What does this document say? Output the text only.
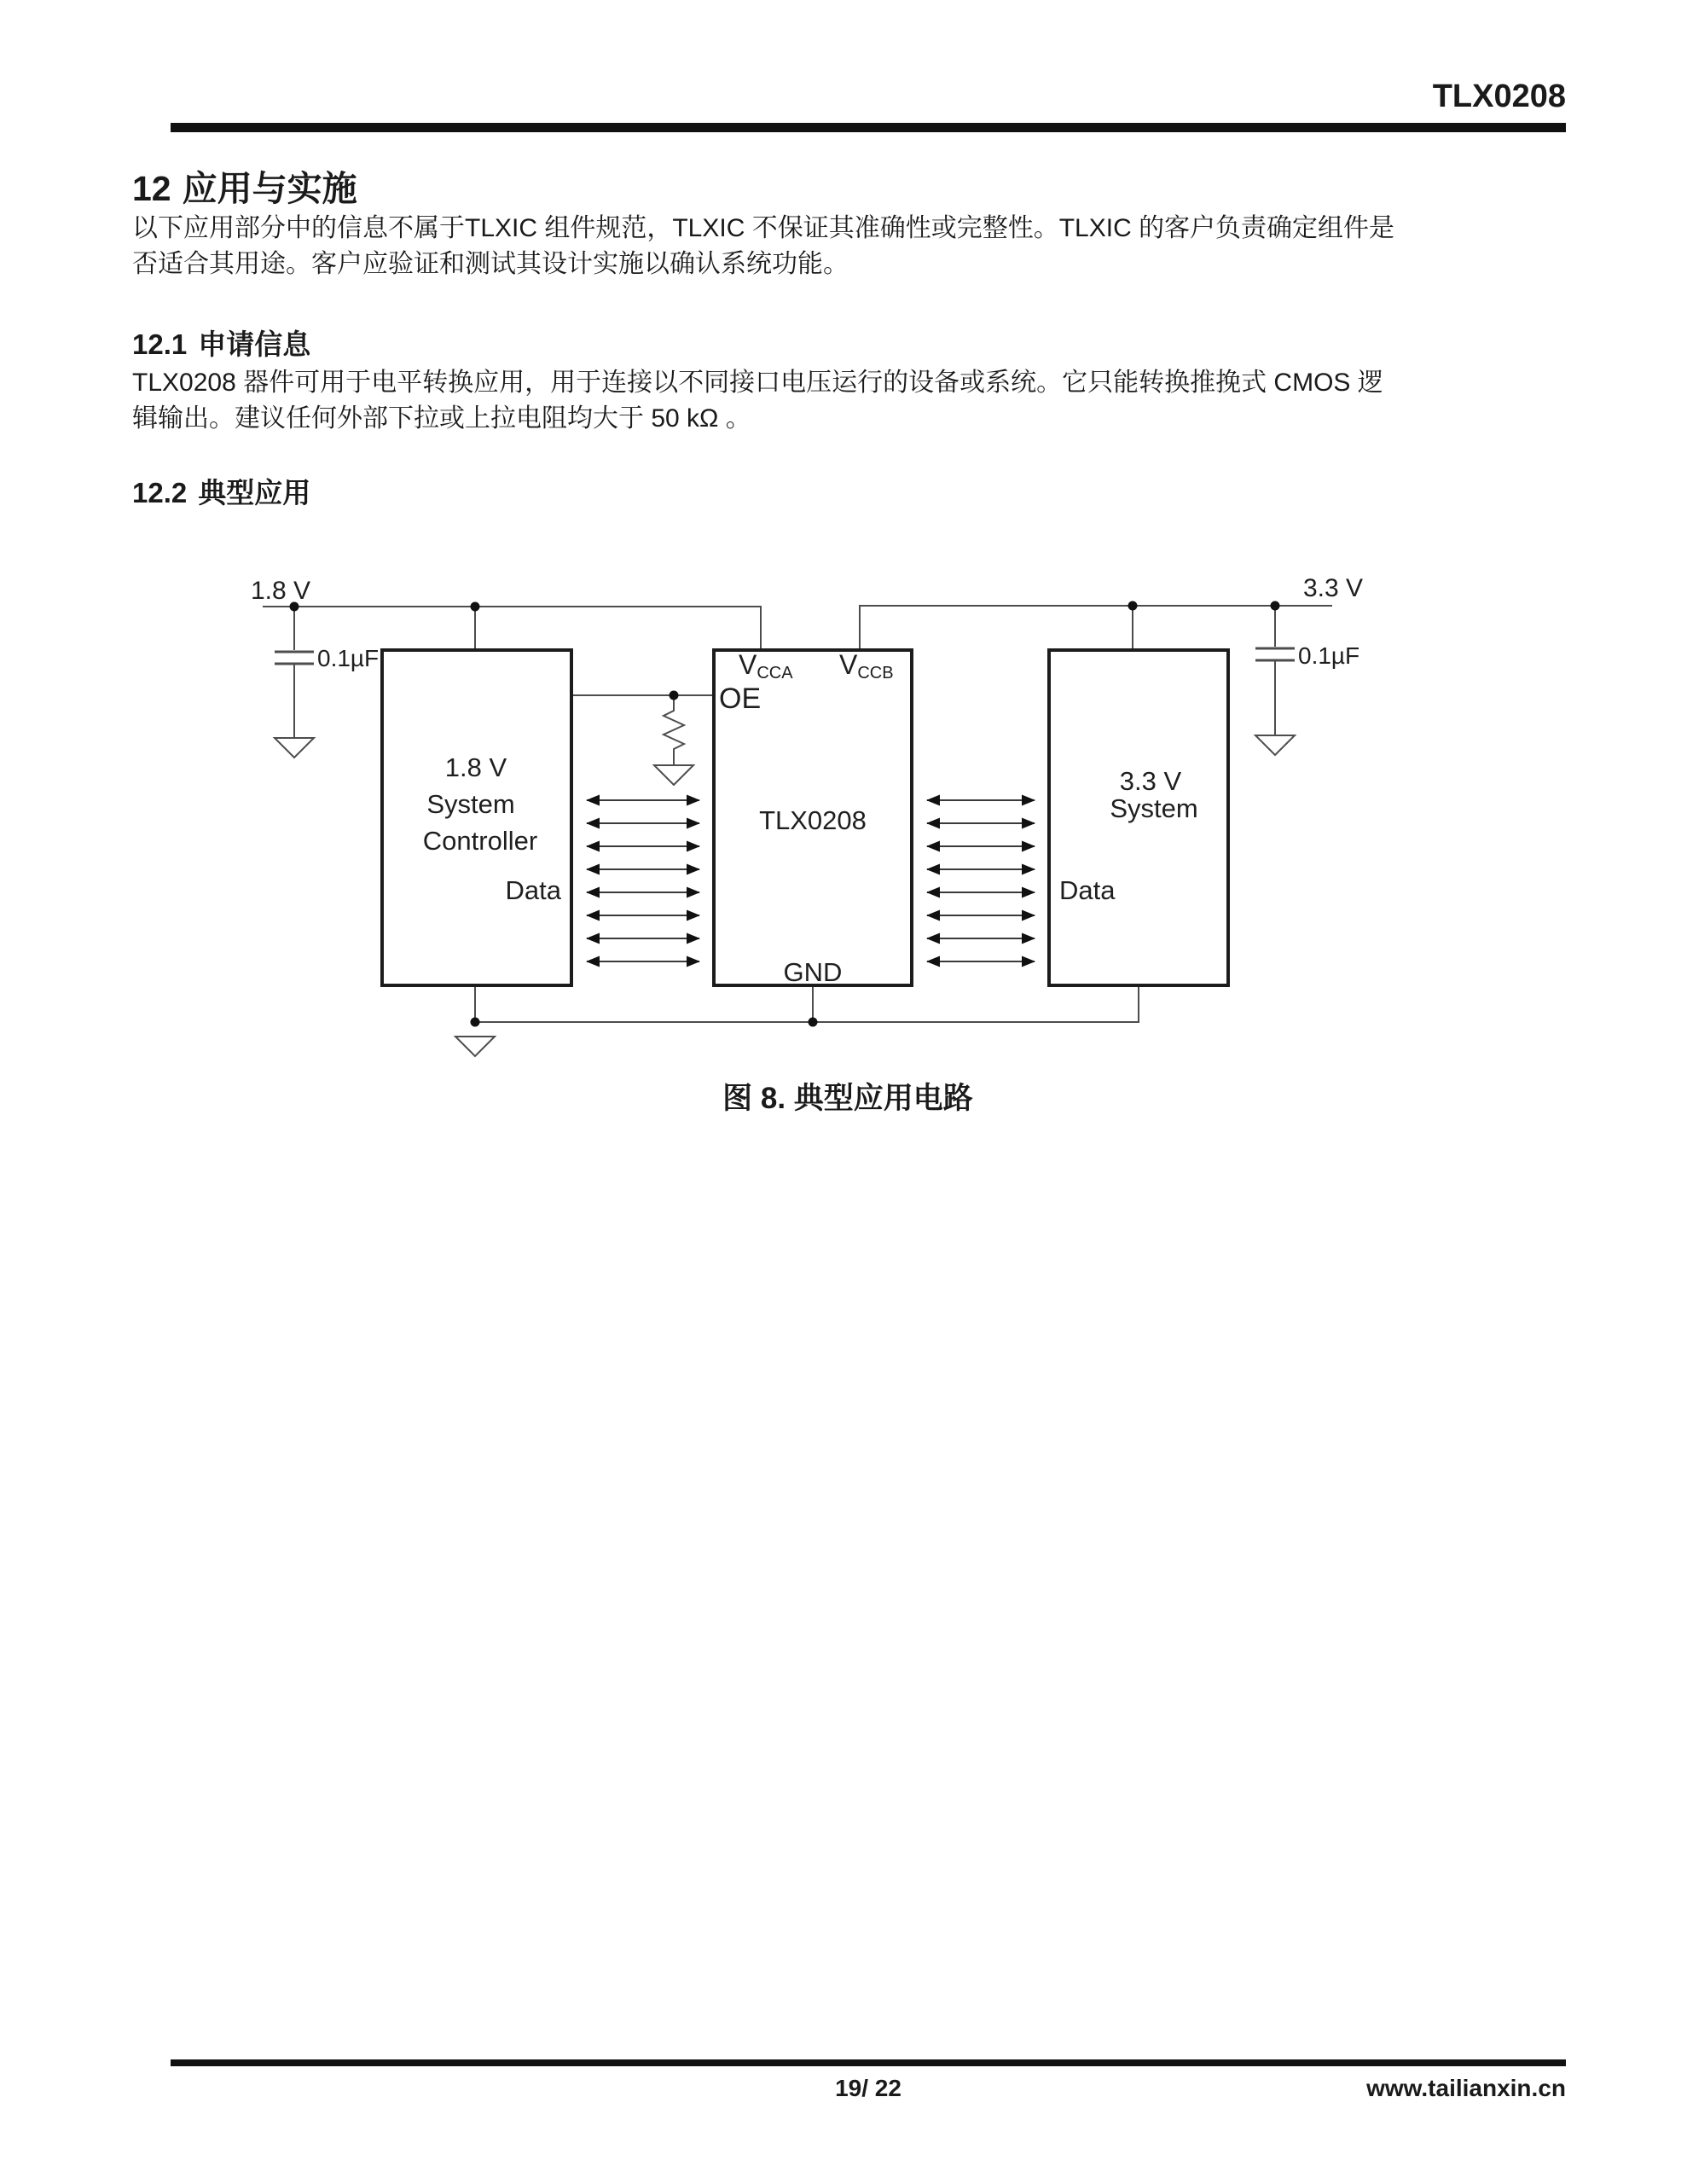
TLX0208
12 应用与实施
以下应用部分中的信息不属于TLXIC 组件规范，TLXIC 不保证其准确性或完整性。TLXIC 的客户负责确定组件是
否适合其用途。客户应验证和测试其设计实施以确认系统功能。
12.1 申请信息
TLX0208 器件可用于电平转换应用，用于连接以不同接口电压运行的设备或系统。它只能转换推挽式 CMOS 逻
辑输出。建议任何外部下拉或上拉电阻均大于 50 kΩ 。
12.2 典型应用
1.8 V	3.3 V
0.1µF	0.1µF
VCCA VCCB
OE
TLX0208
GND
1.8 V
System
Controller
Data
3.3 V
System
Data
图 8. 典型应用电路
19/ 22	www.tailianxin.cn
